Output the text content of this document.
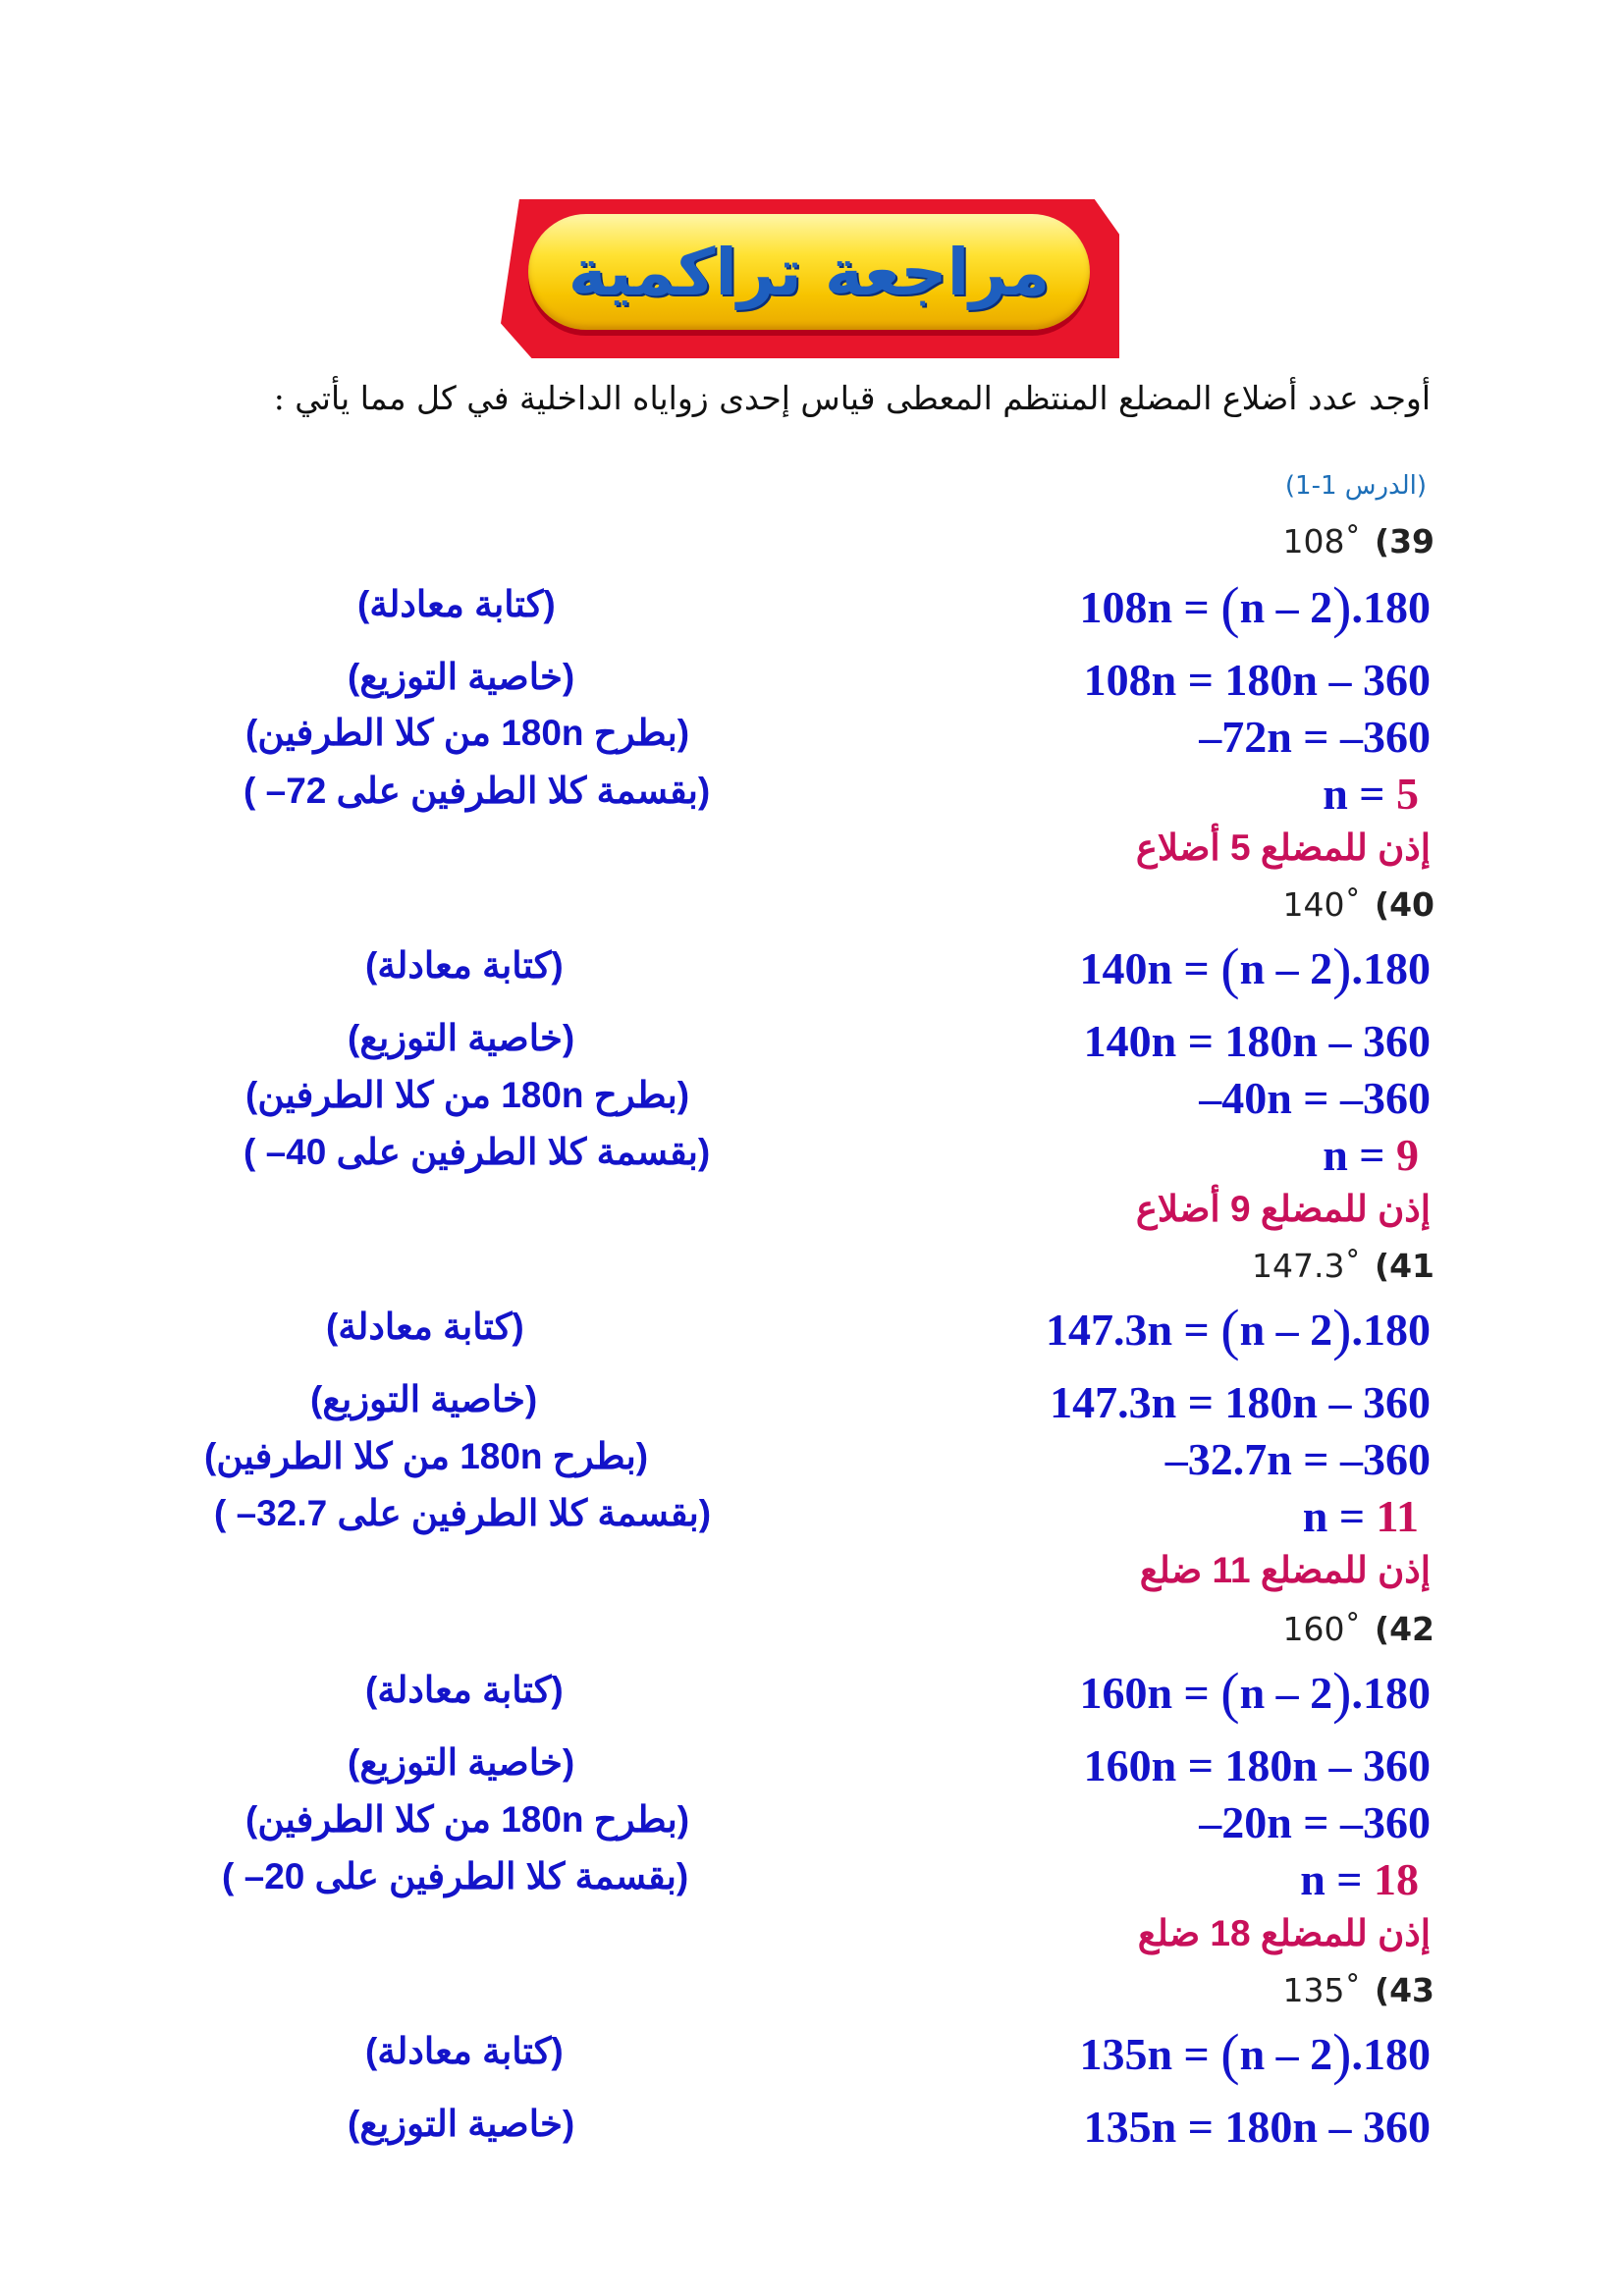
مراجعة تراكمية
أوجد عدد أضلاع المضلع المنتظم المعطى قياس إحدى زواياه الداخلية في كل مما يأتي :
(الدرس 1-1)
108˚ (39
108n = (n – 2).180
108n = 180n – 360
–72n = –360
n = 5
إذن للمضلع 5 أضلاع
(كتابة معادلة)
(خاصية التوزيع)
(بطرح 180n من كلا الطرفين)
(بقسمة كلا الطرفين على 72– )
140˚ (40
140n = (n – 2).180
140n = 180n – 360
–40n = –360
n = 9
إذن للمضلع 9 أضلاع
(كتابة معادلة)
(خاصية التوزيع)
(بطرح 180n من كلا الطرفين)
(بقسمة كلا الطرفين على 40– )
147.3˚ (41
147.3n = (n – 2).180
147.3n = 180n – 360
–32.7n = –360
n = 11
إذن للمضلع 11 ضلع
(كتابة معادلة)
(خاصية التوزيع)
(بطرح 180n من كلا الطرفين)
(بقسمة كلا الطرفين على 32.7– )
160˚ (42
160n = (n – 2).180
160n = 180n – 360
–20n = –360
n = 18
إذن للمضلع 18 ضلع
(كتابة معادلة)
(خاصية التوزيع)
(بطرح 180n من كلا الطرفين)
(بقسمة كلا الطرفين على 20– )
135˚ (43
135n = (n – 2).180
135n = 180n – 360
(كتابة معادلة)
(خاصية التوزيع)
